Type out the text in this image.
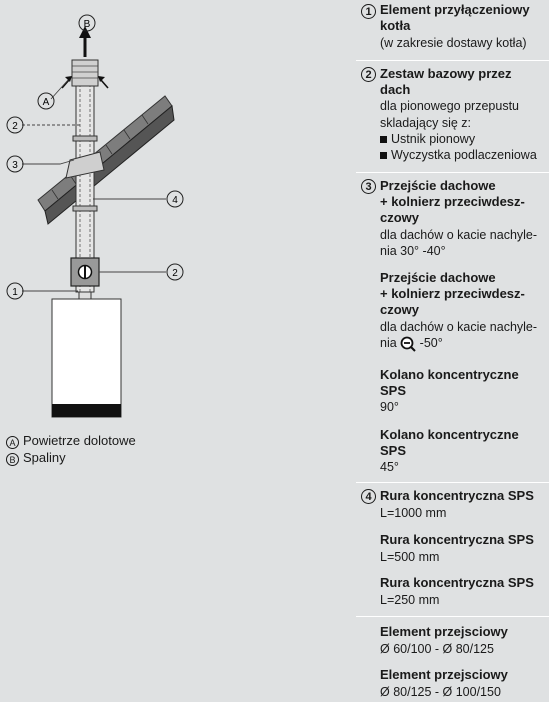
B
A
2
3
4
2
1
A Powietrze dolotowe
B Spaliny
1 Element przyłączeniowy
kotła
(w zakresie dostawy kotła)
2 Zestaw bazowy przez
dach
dla pionowego przepustu
skladający się z:
Ustnik pionowy
Wyczystka podlaczeniowa
3 Przejście dachowe
+ kolnierz przeciwdesz-
czowy
dla dachów o kacie nachyle-
nia 30° -40°
Przejście dachowe
+ kolnierz przeciwdesz-
czowy
dla dachów o kacie nachyle-
nia -50°
Kolano koncentryczne
SPS
90°
Kolano koncentryczne
SPS
45°
4 Rura koncentryczna SPS
L=1000 mm
Rura koncentryczna SPS
L=500 mm
Rura koncentryczna SPS
L=250 mm
Element przejsciowy
Ø 60/100 - Ø 80/125
Element przejsciowy
Ø 80/125 - Ø 100/150
